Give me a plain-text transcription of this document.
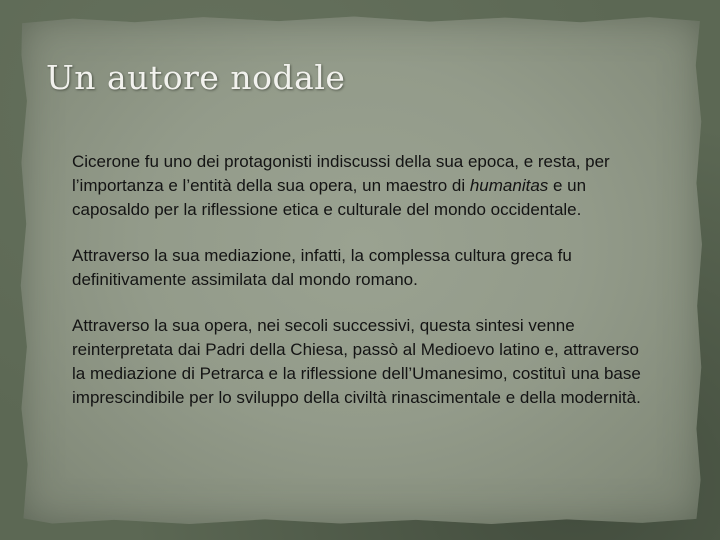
Un autore nodale

Cicerone fu uno dei protagonisti indiscussi della sua epoca, e resta, per l’importanza e l’entità della sua opera, un maestro di humanitas e un caposaldo per la riflessione etica e culturale del mondo occidentale.

Attraverso la sua mediazione, infatti, la complessa cultura greca fu definitivamente assimilata dal mondo romano.

Attraverso la sua opera, nei secoli successivi, questa sintesi venne reinterpretata dai Padri della Chiesa, passò al Medioevo latino e, attraverso la mediazione di Petrarca e la riflessione dell’Umanesimo, costituì una base imprescindibile per lo sviluppo della civiltà rinascimentale e della modernità.
